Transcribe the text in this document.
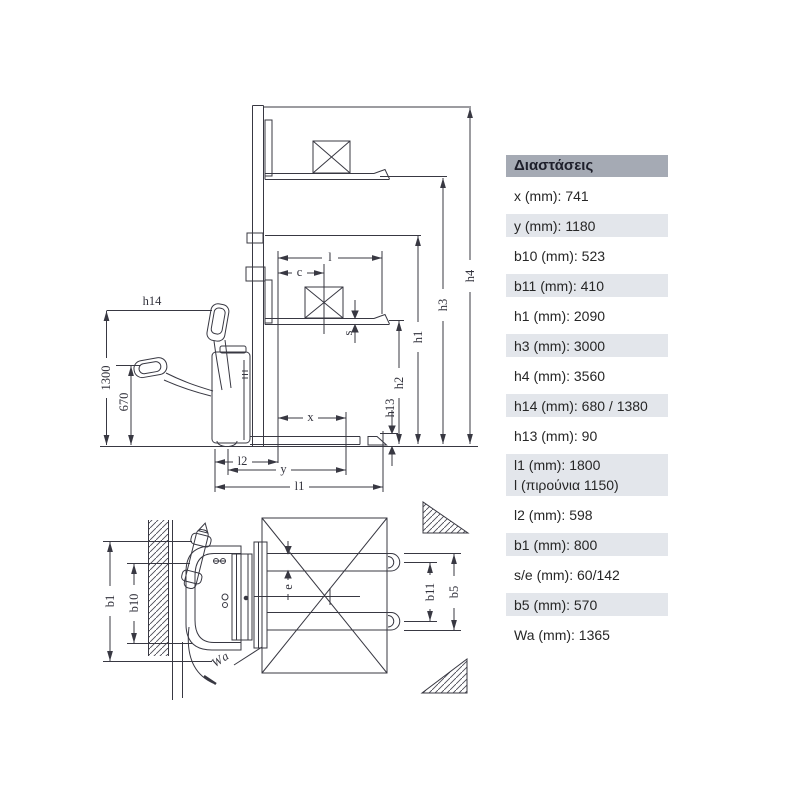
h14
1300
670
l
c
s
x
l2
y
l1
h13
h2
h1
h3
h4
b1 b10
e	b11 b5
Wa
Διαστάσεις
x (mm): 741
y (mm): 1180
b10 (mm): 523
b11 (mm): 410
h1 (mm): 2090
h3 (mm): 3000
h4 (mm): 3560
h14 (mm): 680 / 1380
h13 (mm): 90
l1 (mm): 1800
l (πιρούνια 1150)
l2 (mm): 598
b1 (mm): 800
s/e (mm): 60/142
b5 (mm): 570
Wa (mm): 1365
